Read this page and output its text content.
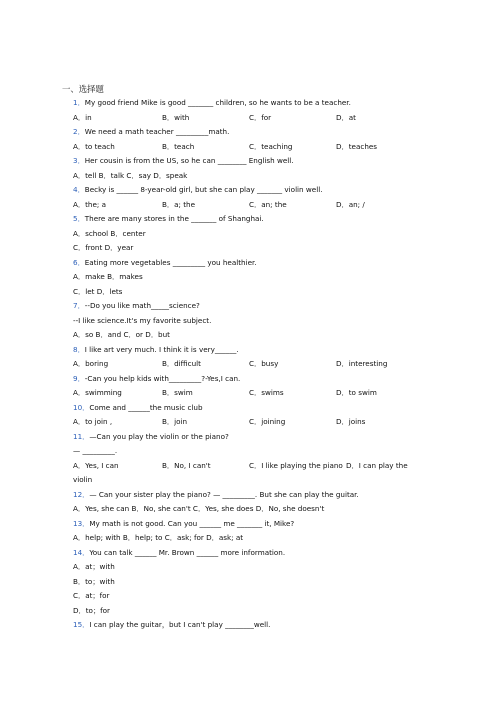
一、选择题
1．My good friend Mike is good _______ children, so he wants to be a teacher.
A．in	B．with	C．for	D．at
2．We need a math teacher _________math.
A．to teach	B．teach	C．teaching	D．teaches
3．Her cousin is from the US, so he can ________ English well.
A．tell B．talk C．say D．speak
4．Becky is ______ 8-year-old girl, but she can play _______ violin well.
A．the; a	B．a; the	C．an; the	D．an; /
5．There are many stores in the _______ of Shanghai.
A．school B．center
C．front D．year
6．Eating more vegetables _________ you healthier.
A．make B．makes
C．let D．lets
7．--Do you like math_____science?
--I like science.It's my favorite subject.
A．so B．and C．or D．but
8．I like art very much. I think it is very______.
A．boring	B．difficult	C．busy	D．interesting
9．-Can you help kids with_________?-Yes,I can.
A．swimming	B．swim	C．swims	D．to swim
10．Come and ______the music club
A．to join ,	B．join	C．joining	D．joins
11．—Can you play the violin or the piano?
— _________.
A．Yes, I can	B．No, I can't	C．I like playing the piano D．I can play the
violin
12．— Can your sister play the piano? — _________. But she can play the guitar.
A．Yes, she can B．No, she can't C．Yes, she does D．No, she doesn't
13．My math is not good. Can you ______ me _______ it, Mike?
A．help; with B．help; to C．ask; for D．ask; at
14．You can talk ______ Mr. Brown ______ more information.
A．at；with
B．to；with
C．at；for
D．to；for
15．I can play the guitar，but I can't play ________well.
